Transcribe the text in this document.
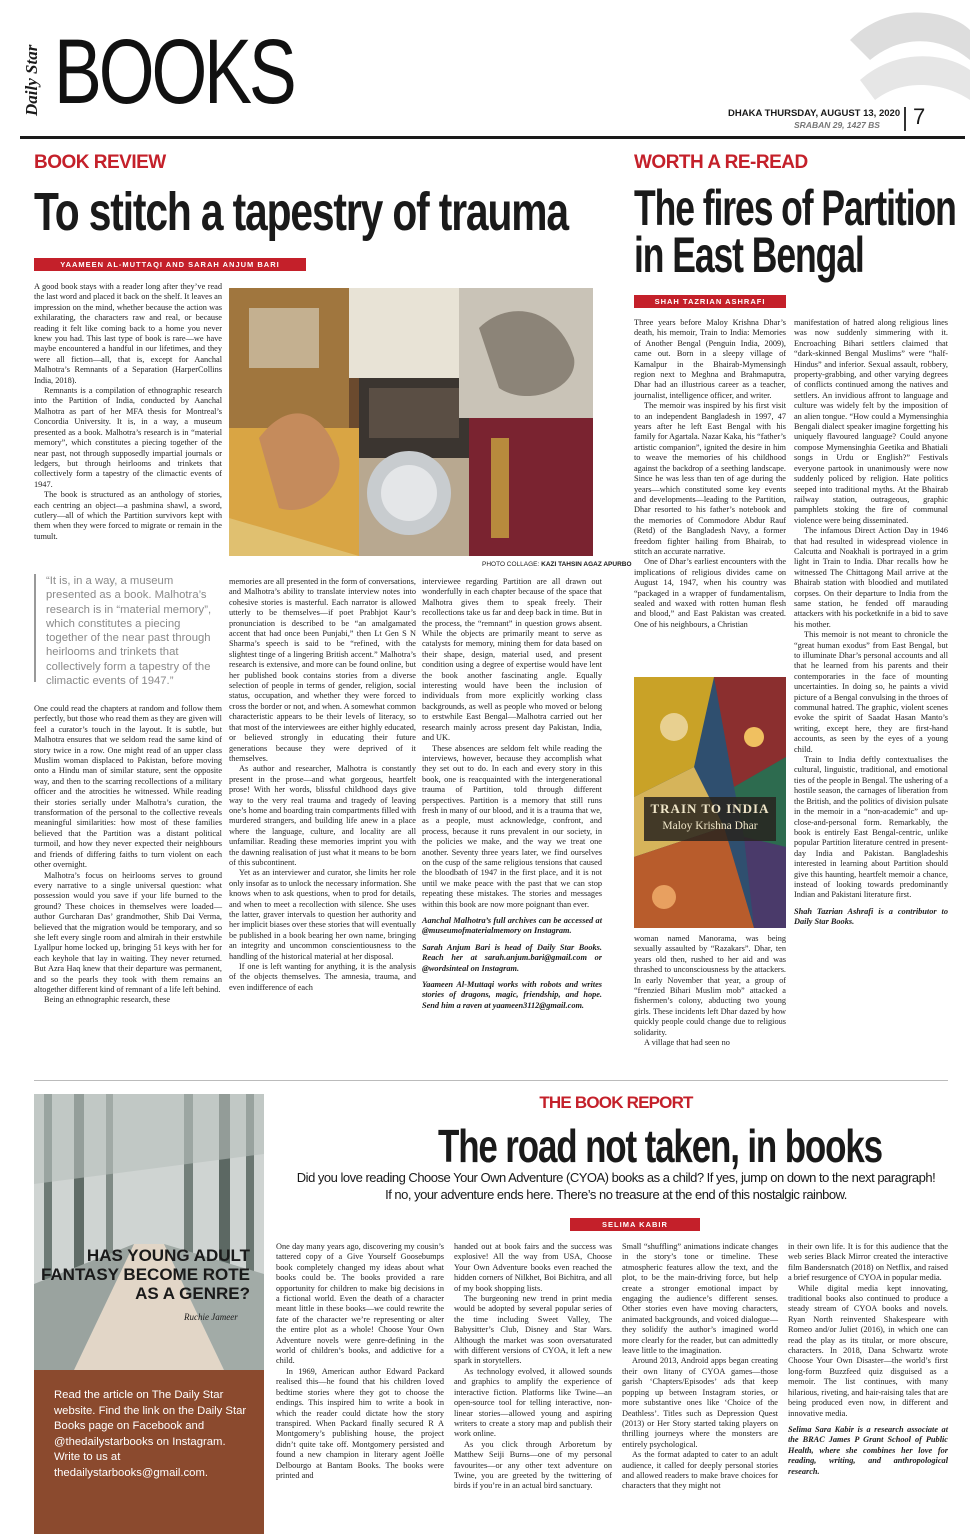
Daily Star BOOKS	DHAKA THURSDAY, AUGUST 13, 2020
SRABAN 29, 1427 BS 7
BOOK REVIEW
To stitch a tapestry of trauma
YAAMEEN AL-MUTTAQI AND SARAH ANJUM BARI

A good book stays with a reader long after they’ve read the last word and placed it back on the shelf. It leaves an impression on the mind, whether because the action was exhilarating, the characters raw and real, or because reading it felt like coming back to a home you never knew you had. This last type of book is rare—we have maybe encountered a handful in our lifetimes, and they were all fiction—all, that is, except for Aanchal Malhotra’s Remnants of a Separation (HarperCollins India, 2018).

Remnants is a compilation of ethnographic research into the Partition of India, conducted by Aanchal Malhotra as part of her MFA thesis for Montreal’s Concordia University. It is, in a way, a museum presented as a book. Malhotra’s research is in “material memory”, which constitutes a piecing together of the near past, not through supposedly impartial journals or ledgers, but through heirlooms and trinkets that collectively form a tapestry of the climactic events of 1947.

The book is structured as an anthology of stories, each centring an object—a pashmina shawl, a sword, cutlery—all of which the Partition survivors kept with them when they were forced to migrate or remain in the tumult.

PHOTO COLLAGE: KAZI TAHSIN AGAZ APURBO
“It is, in a way, a museum presented as a book. Malhotra’s research is in “material memory”, which constitutes a piecing together of the near past through heirlooms and trinkets that collectively form a tapestry of the climactic events of 1947.”

One could read the chapters at random and follow them perfectly, but those who read them as they are given will feel a curator’s touch in the layout. It is subtle, but Malhotra ensures that we seldom read the same kind of story twice in a row. One might read of an upper class Muslim woman displaced to Pakistan, before moving onto a Hindu man of similar stature, sent the opposite way, and then to the scarring recollections of a military officer and the atrocities he witnessed. While reading their stories serially under Malhotra’s curation, the transformation of the personal to the collective reveals meaningful similarities: how most of these families believed that the Partition was a distant political turmoil, and how they never expected their neighbours and friends of differing faiths to turn violent on each other overnight.

Malhotra’s focus on heirlooms serves to ground every narrative to a single universal question: what possession would you save if your life burned to the ground? These choices in themselves were loaded—author Gurcharan Das’ grandmother, Shib Dai Verma, believed that the migration would be temporary, and so she left every single room and almirah in their erstwhile Lyallpur home locked up, bringing 51 keys with her for each keyhole that lay in waiting. They never returned. But Azra Haq knew that their departure was permanent, and so the pearls they took with them remains an altogether different kind of remnant of a life left behind.

Being an ethnographic research, these

memories are all presented in the form of conversations, and Malhotra’s ability to translate interview notes into cohesive stories is masterful. Each narrator is allowed utterly to be themselves—if poet Prabhjot Kaur’s pronunciation is described to be “an amalgamated accent that had once been Punjabi,” then Lt Gen S N Sharma’s speech is said to be “refined, with the slightest tinge of a lingering British accent.” Malhotra’s research is extensive, and more can be found online, but her published book contains stories from a diverse selection of people in terms of gender, religion, social status, occupation, and whether they were forced to cross the border or not, and when. A somewhat common characteristic appears to be their levels of literacy, so that most of the interviewees are either highly educated, or believed strongly in educating their future generations because they were deprived of it themselves.

As author and researcher, Malhotra is constantly present in the prose—and what gorgeous, heartfelt prose! With her words, blissful childhood days give way to the very real trauma and tragedy of leaving one’s home and boarding train compartments filled with murdered strangers, and building life anew in a place where the language, culture, and locality are all unfamiliar. Reading these memories imprint you with the dawning realisation of just what it means to be born of this subcontinent.

Yet as an interviewer and curator, she limits her role only insofar as to unlock the necessary information. She knows when to ask questions, when to prod for details, and when to meet a recollection with silence. She uses the latter, graver intervals to question her authority and her implicit biases over these stories that will eventually be published in a book bearing her own name, bringing an integrity and uncommon conscientiousness to the handling of the historical material at her disposal.

If one is left wanting for anything, it is the analysis of the objects themselves. The amnesia, trauma, and even indifference of each

interviewee regarding Partition are all drawn out wonderfully in each chapter because of the space that Malhotra gives them to speak freely. Their recollections take us far and deep back in time. But in the process, the “remnant” in question grows absent. While the objects are primarily meant to serve as catalysts for memory, mining them for data based on their shape, design, material used, and present condition using a degree of expertise would have lent the book another fascinating angle. Equally interesting would have been the inclusion of individuals from more explicitly working class backgrounds, as well as people who moved or belong to erstwhile East Bengal—Malhotra carried out her research mainly across present day Pakistan, India, and UK.

These absences are seldom felt while reading the interviews, however, because they accomplish what they set out to do. In each and every story in this book, one is reacquainted with the intergenerational trauma of Partition, told through different perspectives. Partition is a memory that still runs fresh in many of our blood, and it is a trauma that we, as a people, must acknowledge, confront, and process, because it runs prevalent in our society, in the policies we make, and the way we treat one another. Seventy three years later, we find ourselves on the cusp of the same religious tensions that caused the bloodbath of 1947 in the first place, and it is not until we make peace with the past that we can stop repeating these mistakes. The stories and messages within this book are now more poignant than ever.

Aanchal Malhotra’s full archives can be accessed at @museumofmaterialmemory on Instagram.

Sarah Anjum Bari is head of Daily Star Books. Reach her at sarah.anjum.bari@gmail.com or @wordsinteal on Instagram.

Yaameen Al-Muttaqi works with robots and writes stories of dragons, magic, friendship, and hope. Send him a raven at yaameen3112@gmail.com.

WORTH A RE-READ
The fires of Partition
in East Bengal
SHAH TAZRIAN ASHRAFI

Three years before Maloy Krishna Dhar’s death, his memoir, Train to India: Memories of Another Bengal (Penguin India, 2009), came out. Born in a sleepy village of Kamalpur in the Bhairab-Mymensingh region next to Meghna and Brahmaputra, Dhar had an illustrious career as a teacher, journalist, intelligence officer, and writer.

The memoir was inspired by his first visit to an independent Bangladesh in 1997, 47 years after he left East Bengal with his family for Agartala. Nazar Kaka, his “father’s artistic companion”, ignited the desire in him to weave the memories of his childhood against the backdrop of a seething landscape. Since he was less than ten of age during the years—which constituted some key events and developments—leading to the Partition, Dhar resorted to his father’s notebook and the memories of Commodore Abdur Rauf (Retd) of the Bangladesh Navy, a former freedom fighter hailing from Bhairab, to stitch an accurate narrative.

One of Dhar’s earliest encounters with the implications of religious divides came on August 14, 1947, when his country was “packaged in a wrapper of fundamentalism, sealed and waxed with rotten human flesh and blood,” and East Pakistan was created. One of his neighbours, a Christian

TRAIN TO INDIA
Maloy Krishna Dhar

woman named Manorama, was being sexually assaulted by “Razakars”. Dhar, ten years old then, rushed to her aid and was thrashed to unconsciousness by the attackers. In early November that year, a group of “frenzied Bihari Muslim mob” attacked a fishermen’s colony, abducting two young girls. These incidents left Dhar dazed by how quickly people could change due to religious solidarity.

A village that had seen no

manifestation of hatred along religious lines was now suddenly simmering with it. Encroaching Bihari settlers claimed that “dark-skinned Bengal Muslims” were “half-Hindus” and inferior. Sexual assault, robbery, property-grabbing, and other varying degrees of conflicts continued among the natives and settlers. An invidious affront to language and culture was widely felt by the imposition of an alien tongue. “How could a Mymensinghia Bengali dialect speaker imagine forgetting his uniquely flavoured language? Could anyone compose Mymensinghia Geetika and Bhatiali songs in Urdu or English?” Festivals everyone partook in unanimously were now suddenly policed by religion. Hate politics seeped into traditional myths. At the Bhairab railway station, outrageous, graphic pamphlets stoking the fire of communal violence were being disseminated.

The infamous Direct Action Day in 1946 that had resulted in widespread violence in Calcutta and Noakhali is portrayed in a grim light in Train to India. Dhar recalls how he witnessed The Chittagong Mail arrive at the Bhairab station with bloodied and mutilated corpses. On their departure to India from the same station, he fended off marauding attackers with his pocketknife in a bid to save his mother.

This memoir is not meant to chronicle the “great human exodus” from East Bengal, but to illuminate Dhar’s personal accounts and all that he learned from his parents and their contemporaries in the face of mounting uncertainties. In doing so, he paints a vivid picture of a Bengal convulsing in the throes of communal hatred. The graphic, violent scenes evoke the spirit of Saadat Hasan Manto’s writing, except here, they are first-hand accounts, as seen by the eyes of a young child.

Train to India deftly contextualises the cultural, linguistic, traditional, and emotional ties of the people in Bengal. The ushering of a hostile season, the carnages of liberation from the British, and the politics of division pulsate in the memoir in a “non-academic” and up-close-and-personal form. Remarkably, the book is entirely East Bengal-centric, unlike popular Partition literature centred in present-day India and Pakistan. Bangladeshis interested in learning about Partition should give this haunting, heartfelt memoir a chance, instead of looking towards predominantly Indian and Pakistani literature first.

Shah Tazrian Ashrafi is a contributor to Daily Star Books.

HAS YOUNG ADULT
FANTASY BECOME ROTE
AS A GENRE?
Ruchie Jameer
Read the article on The Daily Star website. Find the link on the Daily Star Books page on Facebook and @thedailystarbooks on Instagram. Write to us at thedailystarbooks@gmail.com.
THE BOOK REPORT
The road not taken, in books
Did you love reading Choose Your Own Adventure (CYOA) books as a child? If yes, jump on down to the next paragraph!
If no, your adventure ends here. There’s no treasure at the end of this nostalgic rainbow.
SELIMA KABIR

One day many years ago, discovering my cousin’s tattered copy of a Give Yourself Goosebumps book completely changed my ideas about what books could be. The books provided a rare opportunity for children to make big decisions in a fictional world. Even the death of a character meant little in these books—we could rewrite the fate of the character we’re representing or alter the entire plot as a whole! Choose Your Own Adventure novels were genre-defining in the world of children’s books, and addictive for a child.

In 1969, American author Edward Packard realised this—he found that his children loved bedtime stories where they got to choose the endings. This inspired him to write a book in which the reader could dictate how the story transpired. When Packard finally secured R A Montgomery’s publishing house, the project didn’t quite take off. Montgomery persisted and found a new champion in literary agent Joëlle Delbourgo at Bantam Books. The books were printed and

handed out at book fairs and the success was explosive! All the way from USA, Choose Your Own Adventure books even reached the hidden corners of Nilkhet, Boi Bichitra, and all of my book shopping lists.

The burgeoning new trend in print media would be adopted by several popular series of the time including Sweet Valley, The Babysitter’s Club, Disney and Star Wars. Although the market was soon oversaturated with different versions of CYOA, it left a new spark in storytellers.

As technology evolved, it allowed sounds and graphics to amplify the experience of interactive fiction. Platforms like Twine—an open-source tool for telling interactive, non-linear stories—allowed young and aspiring writers to create a story map and publish their work online.

As you click through Arboretum by Matthew Seiji Burns—one of my personal favourites—or any other text adventure on Twine, you are greeted by the twittering of birds if you’re in an actual bird sanctuary.

Small “shuffling” animations indicate changes in the story’s tone or timeline. These atmospheric features allow the text, and the plot, to be the main-driving force, but help create a stronger emotional impact by engaging the audience’s different senses. Other stories even have moving characters, animated backgrounds, and voiced dialogue—they solidify the author’s imagined world more clearly for the reader, but can admittedly leave little to the imagination.

Around 2013, Android apps began creating their own litany of CYOA games—those garish ‘Chapters/Episodes’ ads that keep popping up between Instagram stories, or more substantive ones like ‘Choice of the Deathless’. Titles such as Depression Quest (2013) or Her Story started taking players on thrilling journeys where the monsters are entirely psychological.

As the format adapted to cater to an adult audience, it called for deeply personal stories and allowed readers to make brave choices for characters that they might not

in their own life. It is for this audience that the web series Black Mirror created the interactive film Bandersnatch (2018) on Netflix, and raised a brief resurgence of CYOA in popular media.

While digital media kept innovating, traditional books also continued to produce a steady stream of CYOA books and novels. Ryan North reinvented Shakespeare with Romeo and/or Juliet (2016), in which one can read the play as its titular, or more obscure, characters. In 2018, Dana Schwartz wrote Choose Your Own Disaster—the world’s first long-form Buzzfeed quiz disguised as a memoir. The list continues, with many hilarious, riveting, and hair-raising tales that are being produced even now, in different and innovative media.

Selima Sara Kabir is a research associate at the BRAC James P Grant School of Public Health, where she combines her love for reading, writing, and anthropological research.
